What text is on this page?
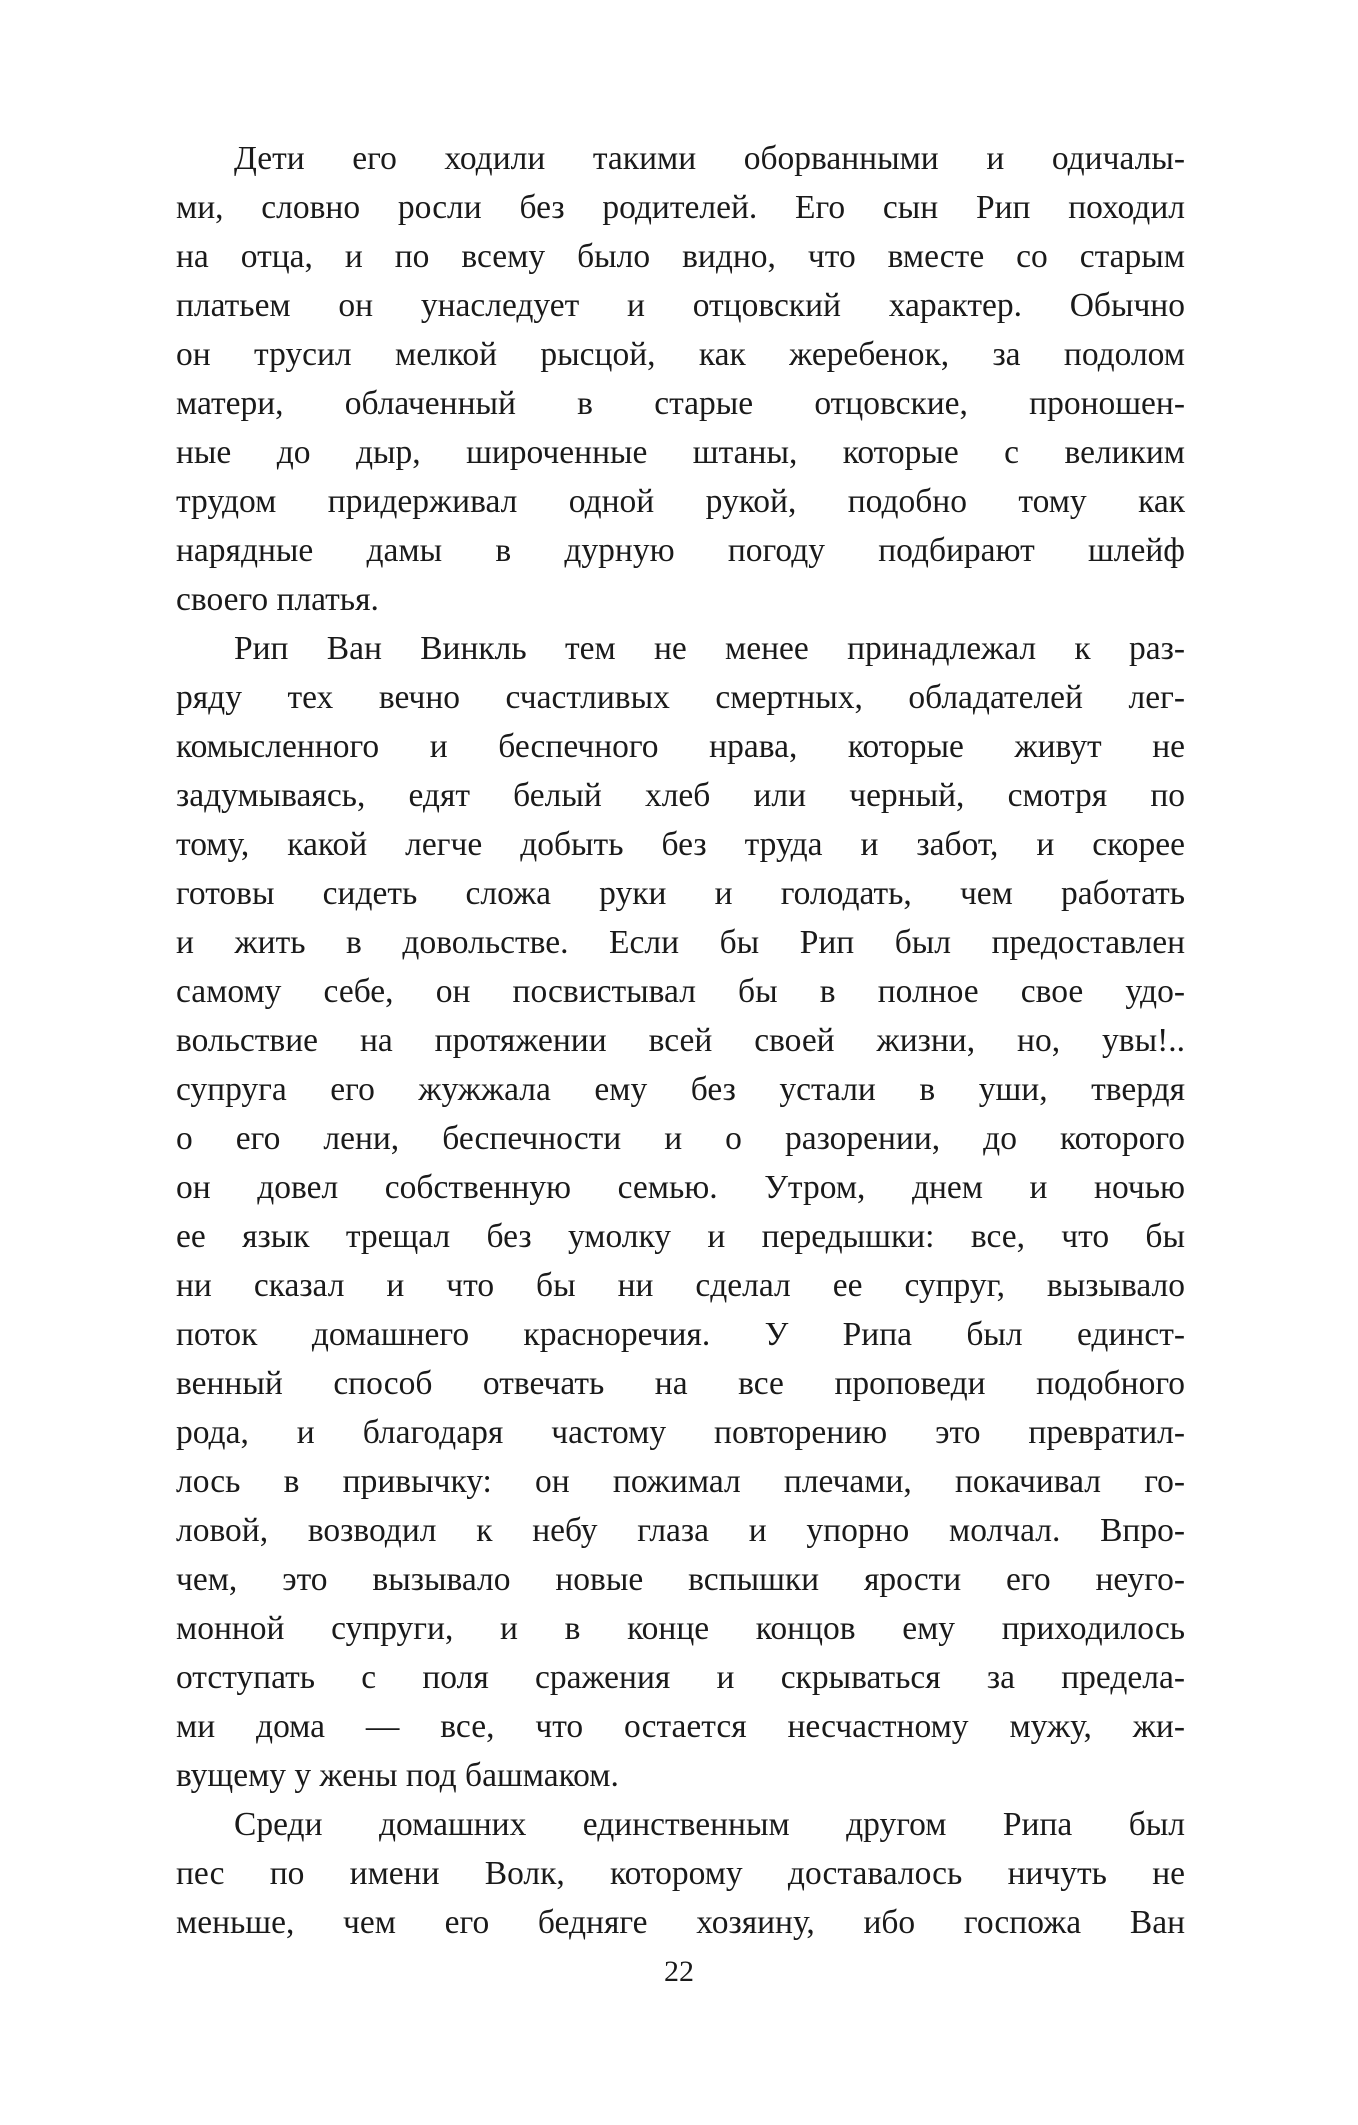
Дети его ходили такими оборванными и одичалы-
ми, словно росли без родителей. Его сын Рип походил
на отца, и по всему было видно, что вместе со старым
платьем он унаследует и отцовский характер. Обычно
он трусил мелкой рысцой, как жеребенок, за подолом
матери, облаченный в старые отцовские, проношен-
ные до дыр, широченные штаны, которые с великим
трудом придерживал одной рукой, подобно тому как
нарядные дамы в дурную погоду подбирают шлейф
своего платья.
Рип Ван Винкль тем не менее принадлежал к раз-
ряду тех вечно счастливых смертных, обладателей лег-
комысленного и беспечного нрава, которые живут не
задумываясь, едят белый хлеб или черный, смотря по
тому, какой легче добыть без труда и забот, и скорее
готовы сидеть сложа руки и голодать, чем работать
и жить в довольстве. Если бы Рип был предоставлен
самому себе, он посвистывал бы в полное свое удо-
вольствие на протяжении всей своей жизни, но, увы!..
супруга его жужжала ему без устали в уши, твердя
о его лени, беспечности и о разорении, до которого
он довел собственную семью. Утром, днем и ночью
ее язык трещал без умолку и передышки: все, что бы
ни сказал и что бы ни сделал ее супруг, вызывало
поток домашнего красноречия. У Рипа был единст-
венный способ отвечать на все проповеди подобного
рода, и благодаря частому повторению это превратил-
лось в привычку: он пожимал плечами, покачивал го-
ловой, возводил к небу глаза и упорно молчал. Впро-
чем, это вызывало новые вспышки ярости его неуго-
монной супруги, и в конце концов ему приходилось
отступать с поля сражения и скрываться за предела-
ми дома — все, что остается несчастному мужу, жи-
вущему у жены под башмаком.
Среди домашних единственным другом Рипа был
пес по имени Волк, которому доставалось ничуть не
меньше, чем его бедняге хозяину, ибо госпожа Ван
22
